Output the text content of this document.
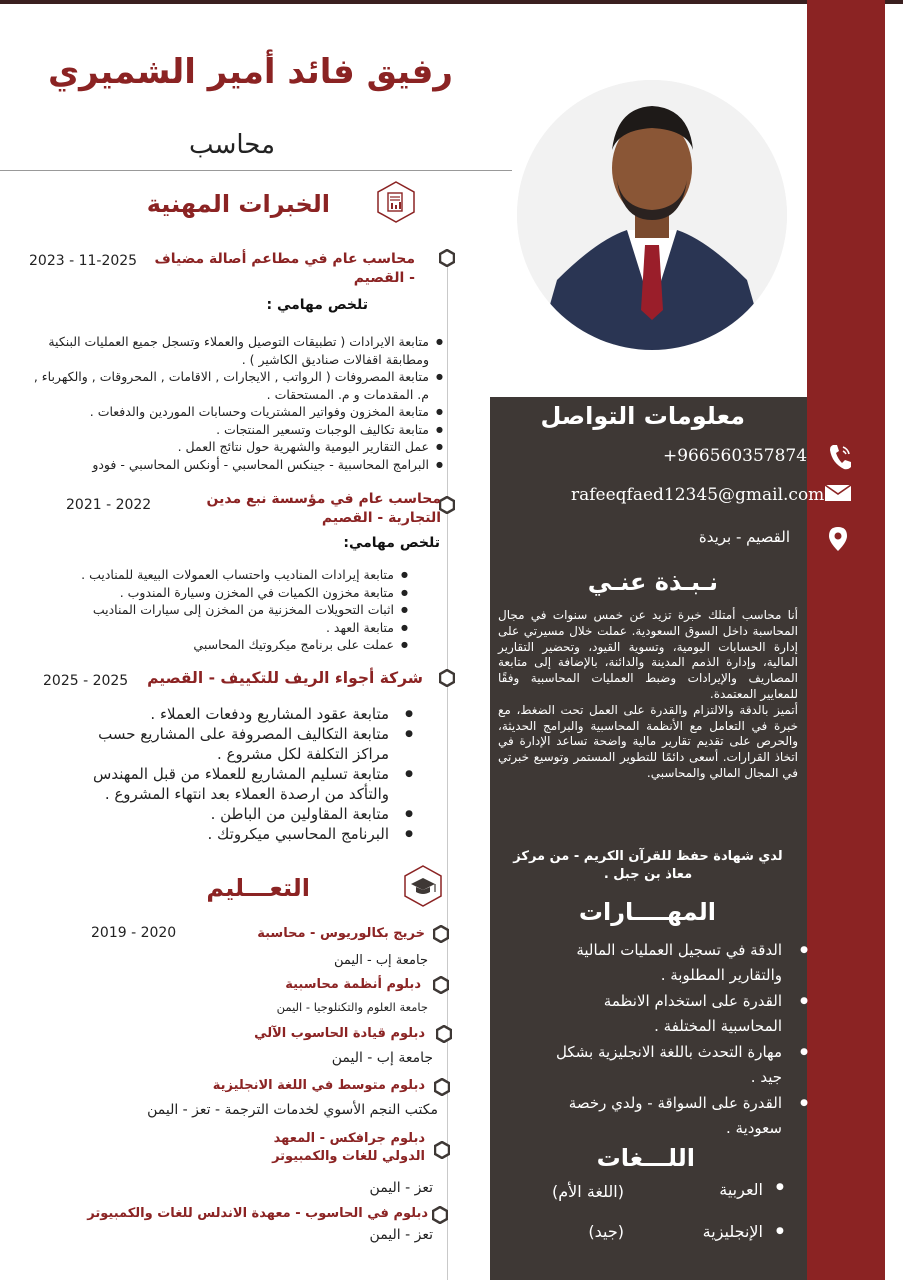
رفيق فائد أمير الشميري
محاسب
الخبرات المهنية
محاسب عام في مطاعم أصالة مضياف - القصيم
2023 - 11-2025
تلخص مهامي :
● متابعة الايرادات ( تطبيقات التوصيل والعملاء وتسجل جميع العمليات البنكية ومطابقة اقفالات صناديق الكاشير ) .
● متابعة المصروفات ( الرواتب , الايجارات , الاقامات , المحروقات , والكهرباء , م. المقدمات و م. المستحقات .
● متابعة المخزون وفواتير المشتريات وحسابات الموردين والدفعات .
● متابعة تكاليف الوجبات وتسعير المنتجات .
● عمل التقارير اليومية والشهرية حول نتائج العمل .
● البرامج المحاسبية - جينكس المحاسبي - أونكس المحاسبي - فودو
محاسب عام في مؤسسة نبع مدين التجارية - القصيم
2021 - 2022
تلخص مهامي:
● متابعة إيرادات المناديب واحتساب العمولات البيعية للمناديب .
● متابعة مخزون الكميات في المخزن وسيارة المندوب .
● اثبات التحويلات المخزنية من المخزن إلى سيارات المناديب
● متابعة العهد .
● عملت على برنامج ميكروتيك المحاسبي
شركة أجواء الريف للتكييف - القصيم
2025 - 2025
● متابعة عقود المشاريع ودفعات العملاء .
● متابعة التكاليف المصروفة على المشاريع حسب مراكز التكلفة لكل مشروع .
● متابعة تسليم المشاريع للعملاء من قبل المهندس والتأكد من ارصدة العملاء بعد انتهاء المشروع .
● متابعة المقاولين من الباطن .
● البرنامج المحاسبي ميكروتك .
التعـــليم
خريج بكالوريوس - محاسبة
2019 - 2020
جامعة إب - اليمن
دبلوم أنظمة محاسبية
جامعة العلوم والتكنلوجيا - اليمن
دبلوم قيادة الحاسوب الآلي
جامعة إب - اليمن
دبلوم متوسط في اللغة الانجليزية
مكتب النجم الأسوي لخدمات الترجمة - تعز - اليمن
دبلوم جرافكس - المعهد الدولي للغات والكمبيوتر
تعز - اليمن
دبلوم في الحاسوب - معهدة الاندلس للغات والكمبيوتر
تعز - اليمن
معلومات التواصل
+966560357874
rafeeqfaed12345@gmail.com
القصيم - بريدة
نـبـذة عنـي
أنا محاسب أمتلك خبرة تزيد عن خمس سنوات في مجال المحاسبة داخل السوق السعودية. عملت خلال مسيرتي على إدارة الحسابات اليومية، وتسوية القيود، وتحضير التقارير المالية، وإدارة الذمم المدينة والدائنة، بالإضافة إلى متابعة المصاريف والإيرادات وضبط العمليات المحاسبية وفقًا للمعايير المعتمدة.
أتميز بالدقة والالتزام والقدرة على العمل تحت الضغط، مع خبرة في التعامل مع الأنظمة المحاسبية والبرامج الحديثة، والحرص على تقديم تقارير مالية واضحة تساعد الإدارة في اتخاذ القرارات. أسعى دائمًا للتطوير المستمر وتوسيع خبرتي في المجال المالي والمحاسبي.
لدي شهادة حفظ للقرآن الكريم - من مركز معاذ بن جبل .
المهــــارات
● الدقة في تسجيل العمليات المالية والتقارير المطلوبة .
● القدرة على استخدام الانظمة المحاسبية المختلفة .
● مهارة التحدث باللغة الانجليزية بشكل جيد .
● القدرة على السواقة - ولدي رخصة سعودية .
اللـــغات
●
العربية
(اللغة الأم)
●
الإنجليزية
(جيد)
